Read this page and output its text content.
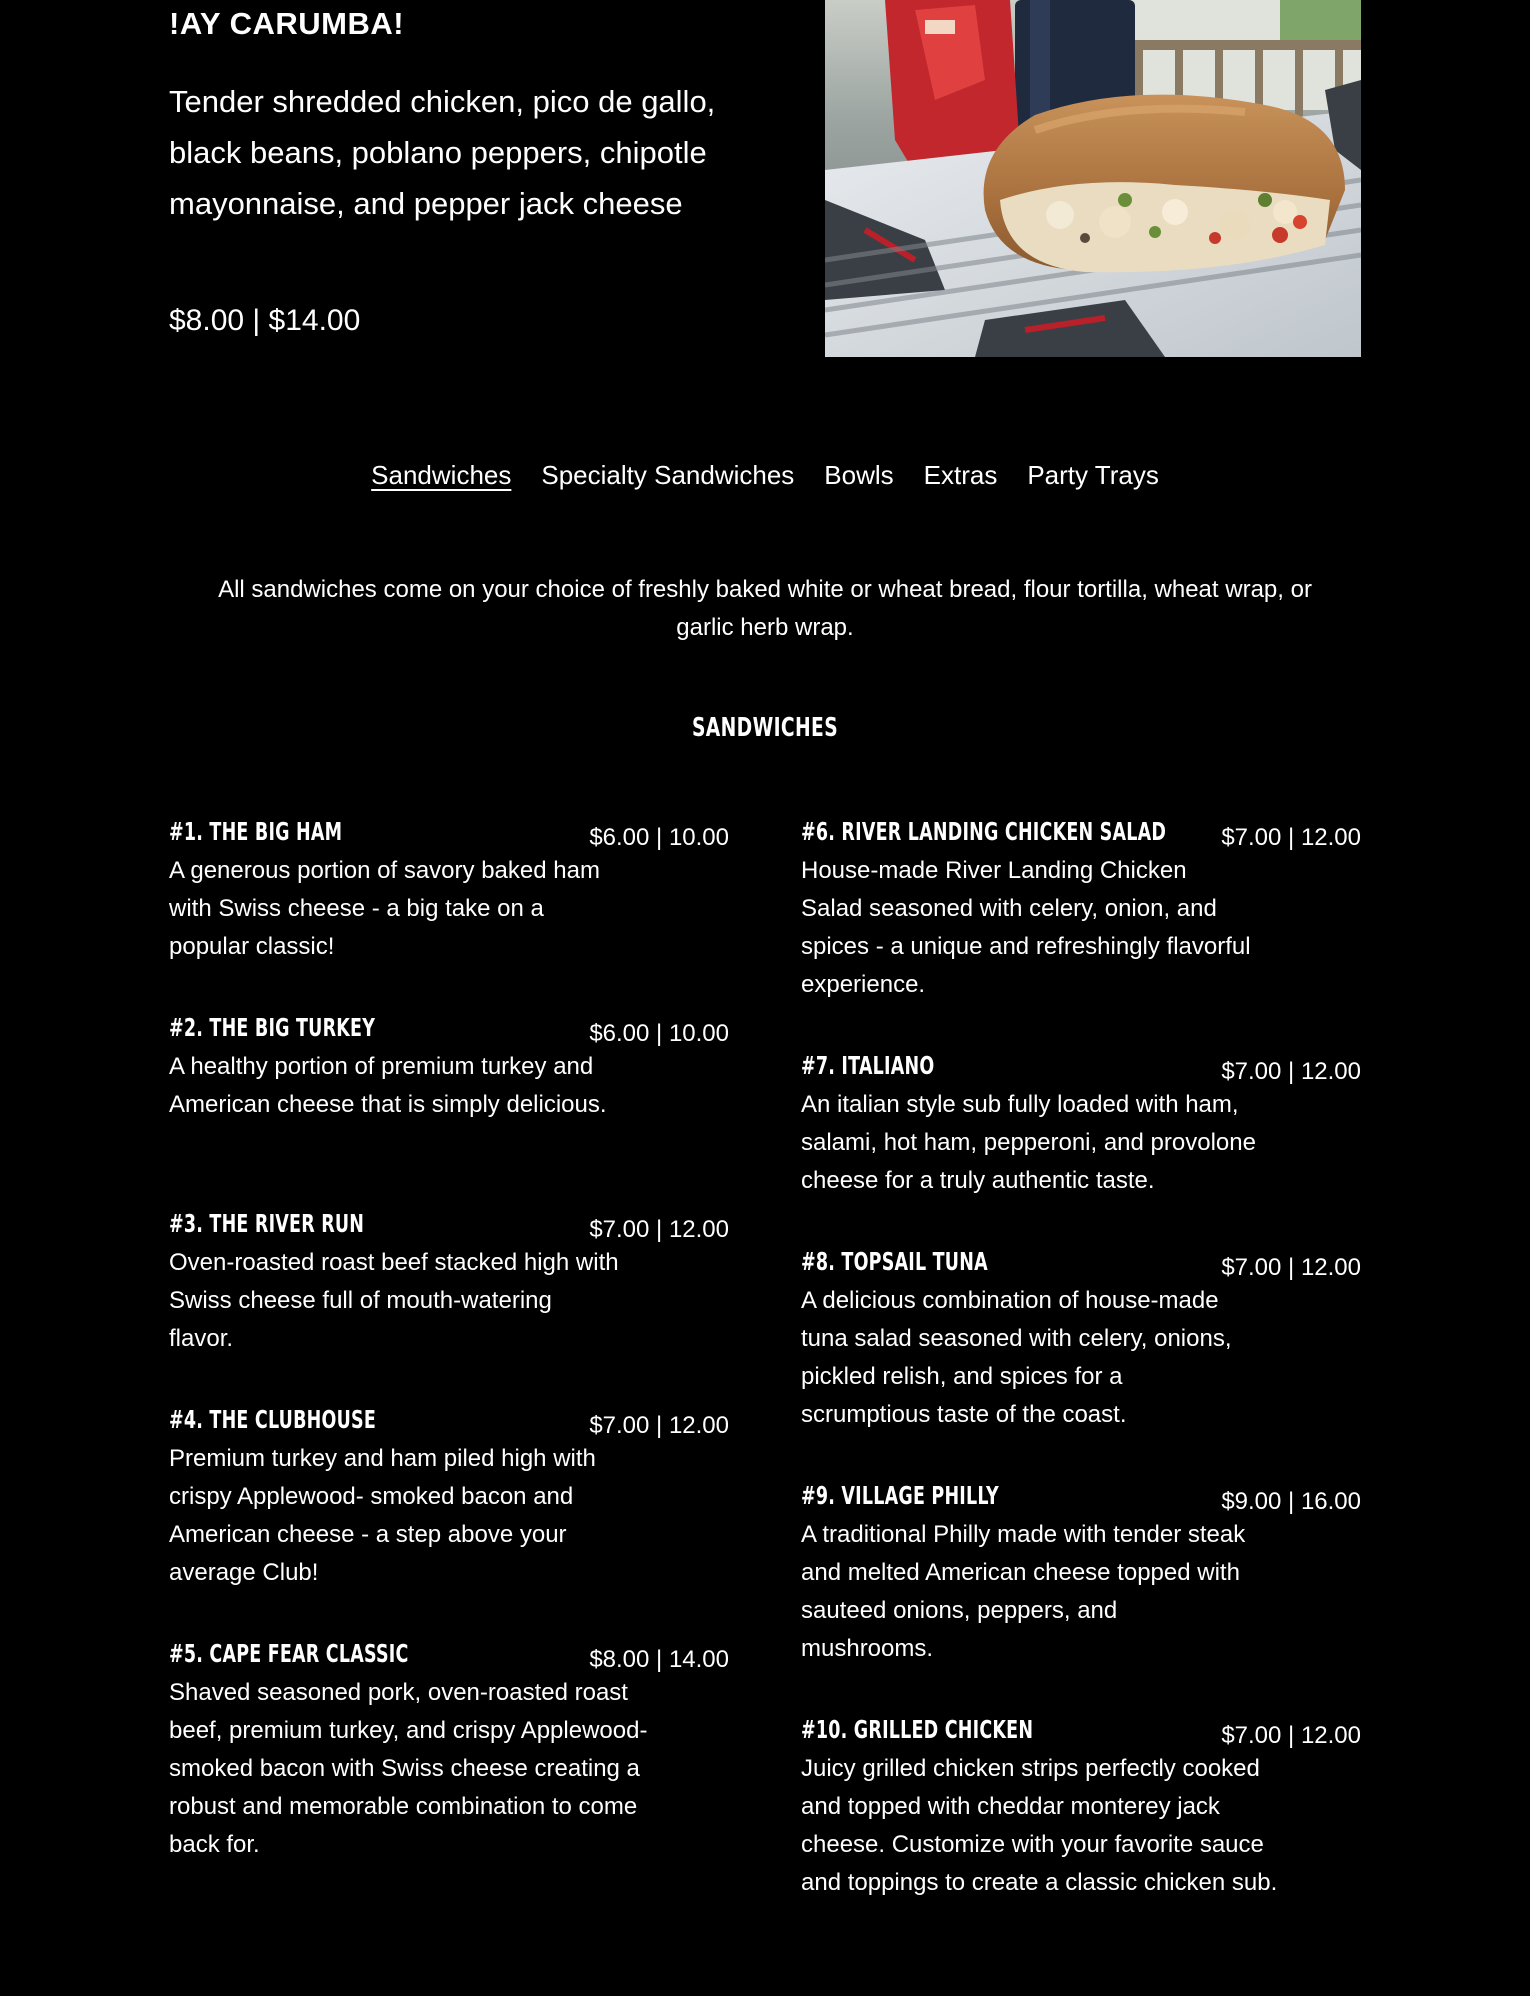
!AY CARUMBA!

Tender shredded chicken, pico de gallo, black beans, poblano peppers, chipotle mayonnaise, and pepper jack cheese

$8.00 | $14.00

Sandwiches Specialty Sandwiches Bowls Extras Party Trays

All sandwiches come on your choice of freshly baked white or wheat bread, flour tortilla, wheat wrap, or garlic herb wrap.

SANDWICHES
#1. THE BIG HAM	$6.00 | 10.00

A generous portion of savory baked ham with Swiss cheese - a big take on a popular classic!

#2. THE BIG TURKEY	$6.00 | 10.00

A healthy portion of premium turkey and American cheese that is simply delicious.

#3. THE RIVER RUN	$7.00 | 12.00

Oven-roasted roast beef stacked high with Swiss cheese full of mouth-watering flavor.

#4. THE CLUBHOUSE	$7.00 | 12.00

Premium turkey and ham piled high with crispy Applewood- smoked bacon and American cheese - a step above your average Club!

#5. CAPE FEAR CLASSIC	$8.00 | 14.00

Shaved seasoned pork, oven-roasted roast beef, premium turkey, and crispy Applewood-smoked bacon with Swiss cheese creating a robust and memorable combination to come back for.

#6. RIVER LANDING CHICKEN SALAD $7.00 | 12.00

House-made River Landing Chicken Salad seasoned with celery, onion, and spices - a unique and refreshingly flavorful experience.

#7. ITALIANO	$7.00 | 12.00

An italian style sub fully loaded with ham, salami, hot ham, pepperoni, and provolone cheese for a truly authentic taste.

#8. TOPSAIL TUNA	$7.00 | 12.00

A delicious combination of house-made tuna salad seasoned with celery, onions, pickled relish, and spices for a scrumptious taste of the coast.

#9. VILLAGE PHILLY	$9.00 | 16.00

A traditional Philly made with tender steak and melted American cheese topped with sauteed onions, peppers, and mushrooms.

#10. GRILLED CHICKEN	$7.00 | 12.00

Juicy grilled chicken strips perfectly cooked and topped with cheddar monterey jack cheese. Customize with your favorite sauce and toppings to create a classic chicken sub.
